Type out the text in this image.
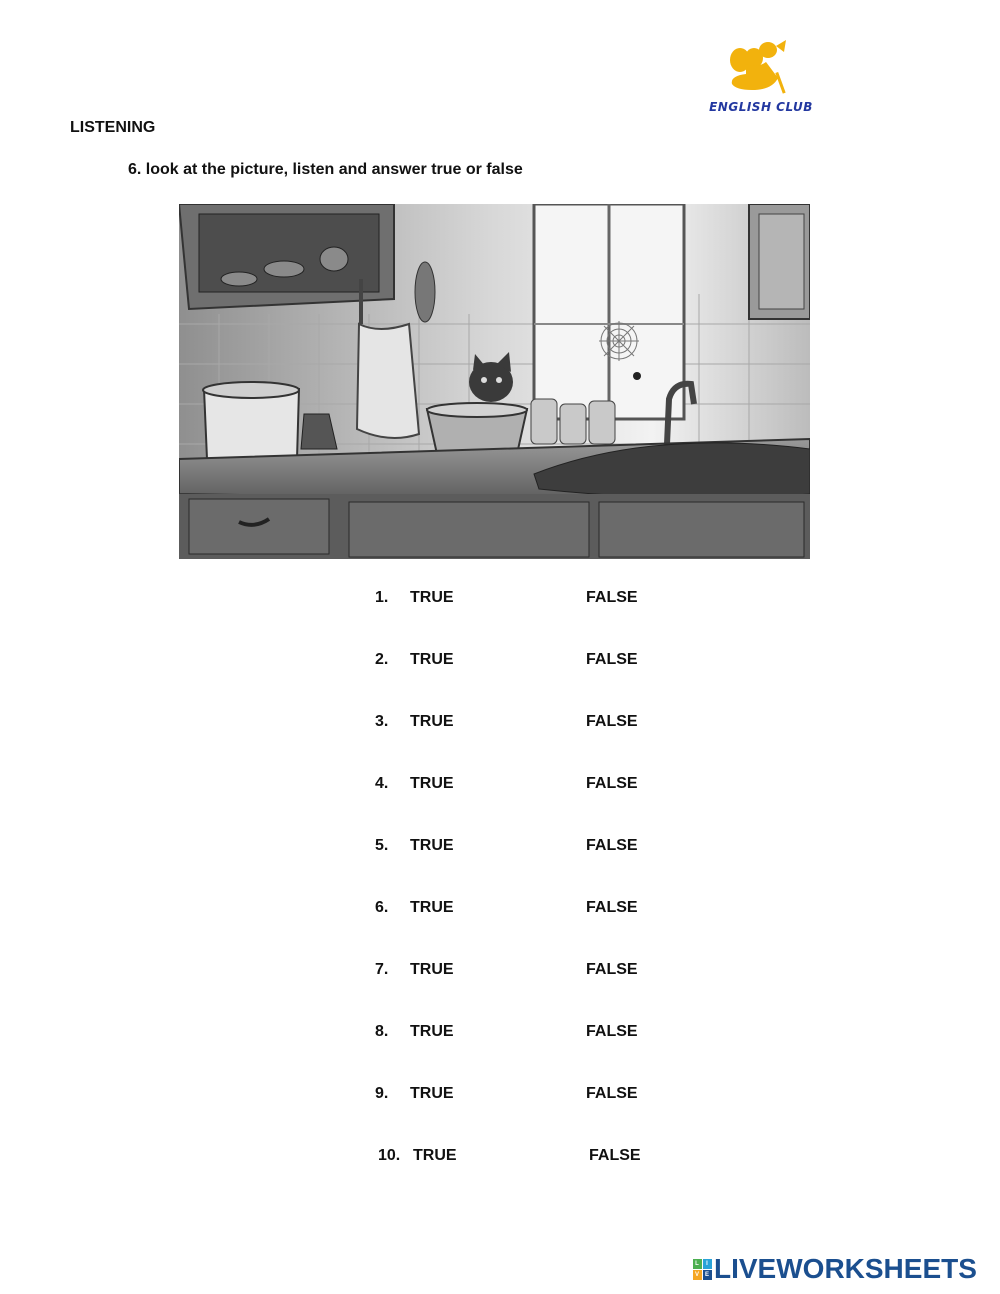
ENGLISH CLUB
LISTENING
6. look at the picture, listen and answer true or false
1.	TRUE	FALSE
2.	TRUE	FALSE
3.	TRUE	FALSE
4.	TRUE	FALSE
5.	TRUE	FALSE
6.	TRUE	FALSE
7.	TRUE	FALSE
8.	TRUE	FALSE
9.	TRUE	FALSE
10. TRUE	FALSE
L	I
V E LIVEWORKSHEETS
